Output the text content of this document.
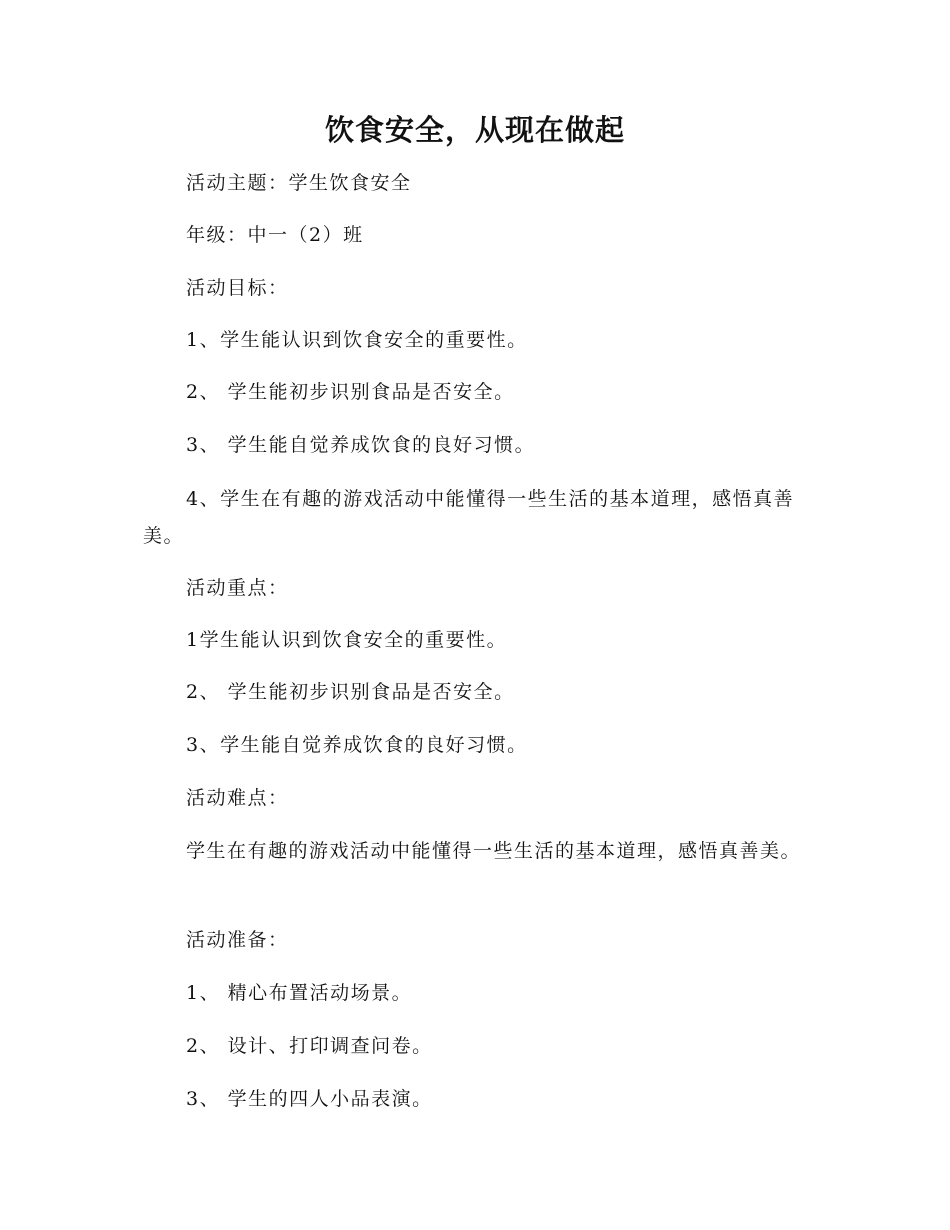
饮食安全，从现在做起

活动主题：学生饮食安全

年级：中一（2）班

活动目标：

1、学生能认识到饮食安全的重要性。

2、 学生能初步识别食品是否安全。

3、 学生能自觉养成饮食的良好习惯。

4、学生在有趣的游戏活动中能懂得一些生活的基本道理，感悟真善美。

活动重点：

1学生能认识到饮食安全的重要性。

2、 学生能初步识别食品是否安全。

3、学生能自觉养成饮食的良好习惯。

活动难点：

学生在有趣的游戏活动中能懂得一些生活的基本道理，感悟真善美。

活动准备：

1、 精心布置活动场景。

2、 设计、打印调查问卷。

3、 学生的四人小品表演。
